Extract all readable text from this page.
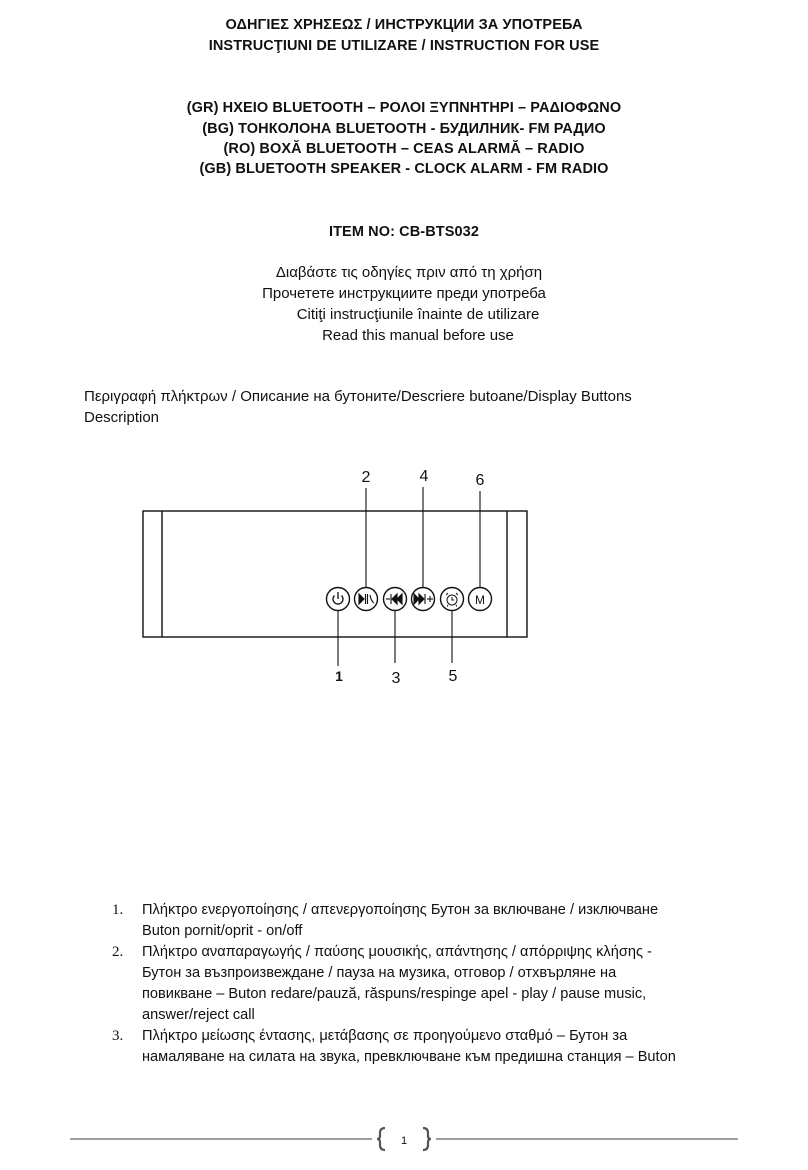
ΟΔΗΓΙΕΣ ΧΡΗΣΕΩΣ / ИНСТРУКЦИИ ЗА УПОТРЕБА
INSTRUCŢIUNI DE UTILIZARE / INSTRUCTION FOR USE
(GR) ΗΧΕΙΟ BLUETOOTH – ΡΟΛΟΙ ΞΥΠΝΗΤΗΡΙ – ΡΑΔΙΟΦΩΝΟ
(BG) ТОНКОЛОНА BLUETOOTH - БУДИЛНИК- FM РАДИО
(RO) BOXĂ BLUETOOTH – CEAS ALARMĂ – RADIO
(GB) BLUETOOTH SPEAKER - CLOCK ALARM - FM RADIO
ITEM NO: CB-BTS032
Διαβάστε τις οδηγίες πριν από τη χρήση
Прочетете инструкциите преди употреба
Citiţi instrucţiunile înainte de utilizare
Read this manual before use
Περιγραφή πλήκτρων / Описание на бутоните/Descriere butoane/Display Buttons
Description
2	4	6
M
1	3	5
1. Πλήκτρο ενεργοποίησης / απενεργοποίησης Бутон за включване / изключване
Buton pornit/oprit - on/off
2. Πλήκτρο αναπαραγωγής / παύσης μουσικής, απάντησης / απόρριψης κλήσης -
Бутон за възпроизвеждане / пауза на музика, отговор / отхвърляне на
повикване – Buton redare/pauză, răspuns/respinge apel - play / pause music,
answer/reject call
3. Πλήκτρο μείωσης έντασης, μετάβασης σε προηγούμενο σταθμό – Бутон за
намаляване на силата на звука, превключване към предишна станция – Buton
1
